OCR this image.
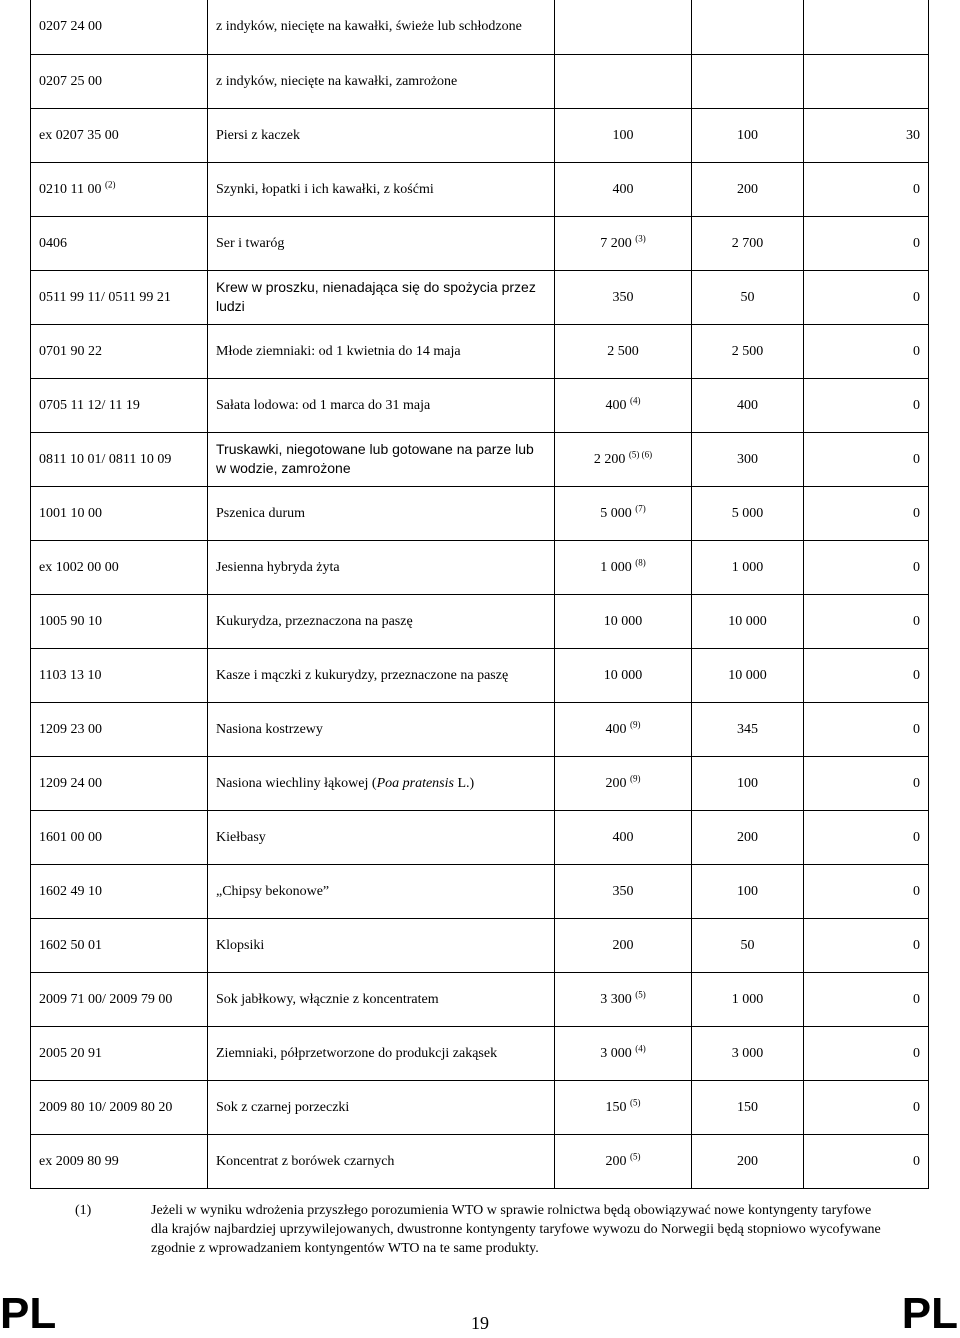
0207 24 00	z indyków, niecięte na kawałki, świeże lub schłodzone			
0207 25 00	z indyków, niecięte na kawałki, zamrożone			
ex 0207 35 00	Piersi z kaczek	100	100	30
0210 11 00 $^{(2)}$	Szynki, łopatki i ich kawałki, z kośćmi	400	200	0
0406	Ser i twaróg	7 200 $^{(3)}$	2 700	0
0511 99 11/ 0511 99 21	Krew w proszku, nienadająca się do spożycia przez ludzi	350	50	0
0701 90 22	Młode ziemniaki: od 1 kwietnia do 14 maja	2 500	2 500	0
0705 11 12/ 11 19	Sałata lodowa: od 1 marca do 31 maja	400 $^{(4)}$	400	0
0811 10 01/ 0811 10 09	Truskawki, niegotowane lub gotowane na parze lub w wodzie, zamrożone	2 200 $^{(5) (6)}$	300	0
1001 10 00	Pszenica durum	5 000 $^{(7)}$	5 000	0
ex 1002 00 00	Jesienna hybryda żyta	1 000 $^{(8)}$	1 000	0
1005 90 10	Kukurydza, przeznaczona na paszę	10 000	10 000	0
1103 13 10	Kasze i mączki z kukurydzy, przeznaczone na paszę	10 000	10 000	0
1209 23 00	Nasiona kostrzewy	400 $^{(9)}$	345	0
1209 24 00	Nasiona wiechliny łąkowej (Poa pratensis L.)	200 $^{(9)}$	100	0
1601 00 00	Kiełbasy	400	200	0
1602 49 10	„Chipsy bekonowe”	350	100	0
1602 50 01	Klopsiki	200	50	0
2009 71 00/ 2009 79 00	Sok jabłkowy, włącznie z koncentratem	3 300 $^{(5)}$	1 000	0
2005 20 91	Ziemniaki, półprzetworzone do produkcji zakąsek	3 000 $^{(4)}$	3 000	0
2009 80 10/ 2009 80 20	Sok z czarnej porzeczki	150 $^{(5)}$	150	0
ex 2009 80 99	Koncentrat z borówek czarnych	200 $^{(5)}$	200	0
(1)	Jeżeli w wyniku wdrożenia przyszłego porozumienia WTO w sprawie rolnictwa będą obowiązywać nowe kontyngenty taryfowe dla krajów najbardziej uprzywilejowanych, dwustronne kontyngenty taryfowe wywozu do Norwegii będą stopniowo wycofywane zgodnie z wprowadzaniem kontyngentów WTO na te same produkty.
PL	19	PL
